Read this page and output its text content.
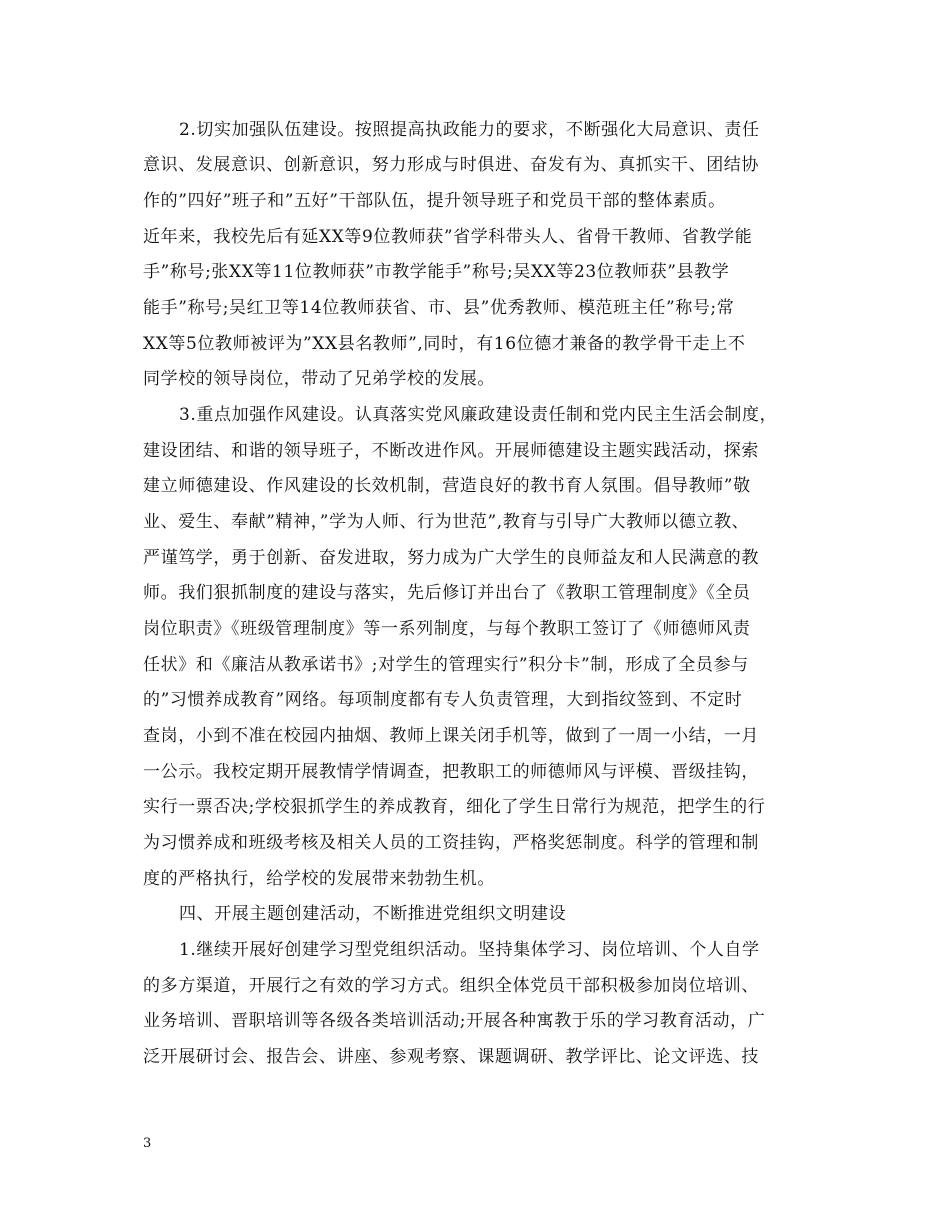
2.切实加强队伍建设。按照提高执政能力的要求，不断强化大局意识、责任
意识、发展意识、创新意识，努力形成与时俱进、奋发有为、真抓实干、团结协
作的”四好”班子和”五好”干部队伍，提升领导班子和党员干部的整体素质。
近年来，我校先后有延XX等9位教师获”省学科带头人、省骨干教师、省教学能
手”称号;张XX等11位教师获”市教学能手”称号;吴XX等23位教师获”县教学
能手”称号;吴红卫等14位教师获省、市、县”优秀教师、模范班主任”称号;常
XX等5位教师被评为”XX县名教师”,同时，有16位德才兼备的教学骨干走上不
同学校的领导岗位，带动了兄弟学校的发展。
3.重点加强作风建设。认真落实党风廉政建设责任制和党内民主生活会制度，
建设团结、和谐的领导班子，不断改进作风。开展师德建设主题实践活动，探索
建立师德建设、作风建设的长效机制，营造良好的教书育人氛围。倡导教师”敬
业、爱生、奉献”精神，”学为人师、行为世范”,教育与引导广大教师以德立教、
严谨笃学，勇于创新、奋发进取，努力成为广大学生的良师益友和人民满意的教
师。我们狠抓制度的建设与落实，先后修订并出台了《教职工管理制度》《全员
岗位职责》《班级管理制度》等一系列制度，与每个教职工签订了《师德师风责
任状》和《廉洁从教承诺书》;对学生的管理实行”积分卡”制，形成了全员参与
的”习惯养成教育”网络。每项制度都有专人负责管理，大到指纹签到、不定时
查岗，小到不准在校园内抽烟、教师上课关闭手机等，做到了一周一小结，一月
一公示。我校定期开展教情学情调查，把教职工的师德师风与评模、晋级挂钩，
实行一票否决;学校狠抓学生的养成教育，细化了学生日常行为规范，把学生的行
为习惯养成和班级考核及相关人员的工资挂钩，严格奖惩制度。科学的管理和制
度的严格执行，给学校的发展带来勃勃生机。
四、开展主题创建活动，不断推进党组织文明建设
1.继续开展好创建学习型党组织活动。坚持集体学习、岗位培训、个人自学
的多方渠道，开展行之有效的学习方式。组织全体党员干部积极参加岗位培训、
业务培训、晋职培训等各级各类培训活动;开展各种寓教于乐的学习教育活动，广
泛开展研讨会、报告会、讲座、参观考察、课题调研、教学评比、论文评选、技
3
